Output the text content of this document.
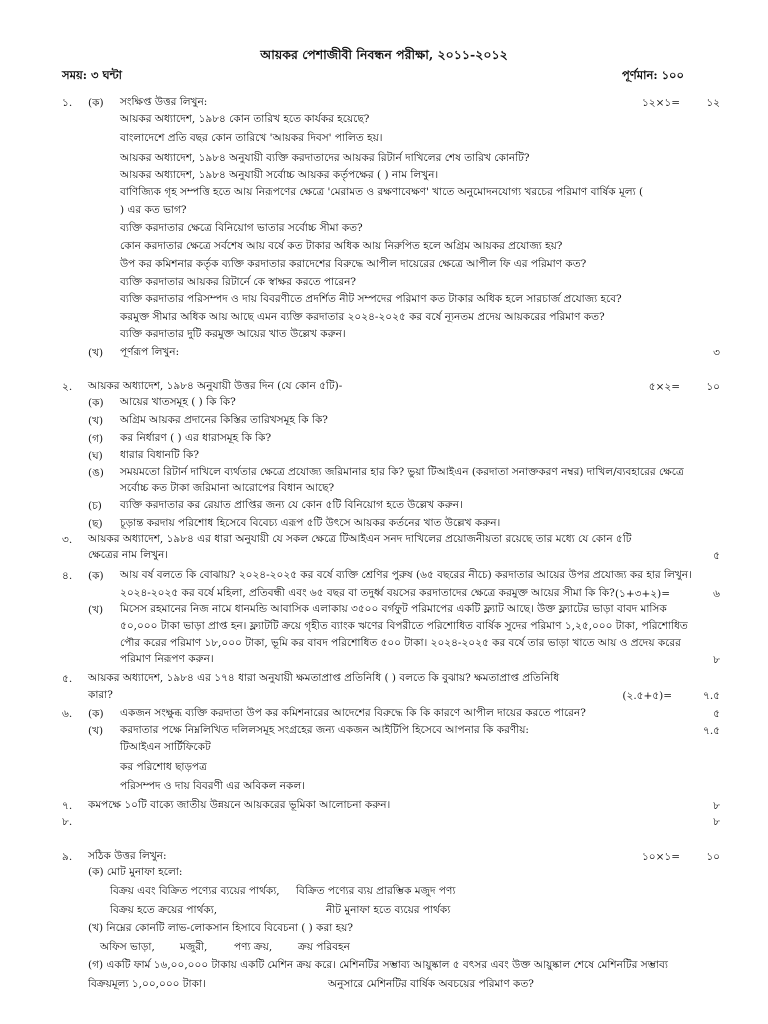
আয়কর পেশাজীবী নিবন্ধন পরীক্ষা, ২০১১-২০১২
সময়: ৩ ঘন্টা	পূর্ণমান: ১০০
১. (ক) সংক্ষিপ্ত উত্তর লিখুন:	১২×১=	১২
আয়কর অধ্যাদেশ, ১৯৮৪ কোন তারিখ হতে কার্যকর হয়েছে?
বাংলাদেশে প্রতি বছর কোন তারিখে 'আয়কর দিবস' পালিত হয়।
আয়কর অধ্যাদেশ, ১৯৮৪ অনুযায়ী ব্যক্তি করদাতাদের আয়কর রিটার্ন দাখিলের শেষ তারিখ কোনটি?
আয়কর অধ্যাদেশ, ১৯৮৪ অনুযায়ী সর্বোচ্চ আয়কর কর্তৃপক্ষের ( ) নাম লিখুন।
বাণিজ্যিক গৃহ সম্পত্তি হতে আয় নিরূপণের ক্ষেত্রে 'মেরামত ও রক্ষণাবেক্ষণ' খাতে অনুমোদনযোগ্য খরচের পরিমাণ বার্ষিক মূল্য (
) এর কত ভাগ?
ব্যক্তি করদাতার ক্ষেত্রে বিনিয়োগ ভাতার সর্বোচ্চ সীমা কত?
কোন করদাতার ক্ষেত্রে সর্বশেষ আয় বর্ষে কত টাকার অধিক আয় নিরুপিত হলে অগ্রিম আয়কর প্রযোজ্য হয়?
উপ কর কমিশনার কর্তৃক ব্যক্তি করদাতার করাদেশের বিরুদ্ধে আপীল দায়েরের ক্ষেত্রে আপীল ফি এর পরিমাণ কত?
ব্যক্তি করদাতার আয়কর রিটার্নে কে স্বাক্ষর করতে পারেন?
ব্যক্তি করদাতার পরিসম্পদ ও দায় বিবরণীতে প্রদর্শিত নীট সম্পদের পরিমাণ কত টাকার অধিক হলে সারচার্জ প্রযোজ্য হবে?
করমুক্ত সীমার অধিক আয় আছে এমন ব্যক্তি করদাতার ২০২৪-২০২৫ কর বর্ষে ন্যূনতম প্রদেয় আয়করের পরিমাণ কত?
ব্যক্তি করদাতার দুটি করমুক্ত আয়ের খাত উল্লেখ করুন।
(খ) পূর্ণরূপ লিখুন:	৩
২. আয়কর অধ্যাদেশ, ১৯৮৪ অনুযায়ী উত্তর দিন (যে কোন ৫টি)-	৫×২=	১০
(ক) আয়ের খাতসমূহ ( ) কি কি?
(খ) অগ্রিম আয়কর প্রদানের কিস্তির তারিখসমূহ কি কি?
(গ) কর নির্ধারণ ( ) এর ধারাসমূহ কি কি?
(ঘ) ধারার বিধানটি কি?
(ঙ) সময়মতো রিটার্ন দাখিলে ব্যর্থতার ক্ষেত্রে প্রযোজ্য জরিমানার হার কি? ভুয়া টিআইএন (করদাতা সনাক্তকরণ নম্বর) দাখিল/ব্যবহারের ক্ষেত্রে
সর্বোচ্চ কত টাকা জরিমানা আরোপের বিধান আছে?
(চ) ব্যক্তি করদাতার কর রেয়াত প্রাপ্তির জন্য যে কোন ৫টি বিনিয়োগ হতে উল্লেখ করুন।
(ছ) চূড়ান্ত করদায় পরিশোধ হিসেবে বিবেচ্য এরূপ ৫টি উৎসে আয়কর কর্তনের খাত উল্লেখ করুন।
৩. আয়কর অধ্যাদেশ, ১৯৮৪ এর ধারা অনুযায়ী যে সকল ক্ষেত্রে টিআইএন সনদ দাখিলের প্রয়োজনীয়তা রয়েছে তার মধ্যে যে কোন ৫টি
ক্ষেত্রের নাম লিখুন।	৫
৪. (ক) আয় বর্ষ বলতে কি বোঝায়? ২০২৪-২০২৫ কর বর্ষে ব্যক্তি শ্রেণির পুরুষ (৬৫ বছরের নীচে) করদাতার আয়ের উপর প্রযোজ্য কর হার লিখুন।
২০২৪-২০২৫ কর বর্ষে মহিলা, প্রতিবন্ধী এবং ৬৫ বছর বা তদুর্ধ্ব বয়সের করদাতাদের ক্ষেত্রে করমুক্ত আয়ের সীমা কি কি? (১+৩+২)=	৬
(খ) মিসেস রহমানের নিজ নামে ধানমন্ডি আবাসিক এলাকায় ৩৫০০ বর্গফুট পরিমাপের একটি ফ্ল্যাট আছে। উক্ত ফ্ল্যাটের ভাড়া বাবদ মাসিক
৫০,০০০ টাকা ভাড়া প্রাপ্ত হন। ফ্ল্যাটটি ক্রয়ে গৃহীত ব্যাংক ঋণের বিপরীতে পরিশোধিত বার্ষিক সুদের পরিমাণ ১,২৫,০০০ টাকা, পরিশোধিত
পৌর করের পরিমাণ ১৮,০০০ টাকা, ভূমি কর বাবদ পরিশোধিত ৫০০ টাকা। ২০২৪-২০২৫ কর বর্ষে তার ভাড়া খাতে আয় ও প্রদেয় করের
পরিমাণ নিরূপণ করুন।	৮
৫. আয়কর অধ্যাদেশ, ১৯৮৪ এর ১৭৪ ধারা অনুযায়ী ক্ষমতাপ্রাপ্ত প্রতিনিধি ( ) বলতে কি বুঝায়? ক্ষমতাপ্রাপ্ত প্রতিনিধি
কারা?	(২.৫+৫)=	৭.৫
৬. (ক) একজন সংক্ষুব্ধ ব্যক্তি করদাতা উপ কর কমিশনারের আদেশের বিরুদ্ধে কি কি কারণে আপীল দায়ের করতে পারেন?	৫
(খ) করদাতার পক্ষে নিম্নলিখিত দলিলসমূহ সংগ্রহের জন্য একজন আইটিপি হিসেবে আপনার কি করণীয়:	৭.৫
টিআইএন সার্টিফিকেট
কর পরিশোধ ছাড়পত্র
পরিসম্পদ ও দায় বিবরণী এর অবিকল নকল।
৭. কমপক্ষে ১০টি বাক্যে জাতীয় উন্নয়নে আয়করের ভূমিকা আলোচনা করুন।	৮
৮.	৮
৯. সঠিক উত্তর লিখুন:	১০×১=	১০
(ক) মোট মুনাফা হলো:
বিক্রয় এবং বিক্রিত পণ্যের ব্যয়ের পার্থক্য, বিক্রিত পণ্যের ব্যয় প্রারম্ভিক মজুদ পণ্য
বিক্রয় হতে ক্রয়ের পার্থক্য,	নীট মুনাফা হতে ব্যয়ের পার্থক্য
(খ) নিম্নের কোনটি লাভ-লোকসান হিসাবে বিবেচনা ( ) করা হয়?
অফিস ভাড়া, মজুরী,	পণ্য ক্রয়, ক্রয় পরিবহন
(গ) একটি ফার্ম ১৬,০০,০০০ টাকায় একটি মেশিন ক্রয় করে। মেশিনটির সম্ভাব্য আয়ুষ্কাল ৫ বৎসর এবং উক্ত আয়ুষ্কাল শেষে মেশিনটির সম্ভাব্য
বিক্রয়মূল্য ১,০০,০০০ টাকা।	অনুসারে মেশিনটির বার্ষিক অবচয়ের পরিমাণ কত?
